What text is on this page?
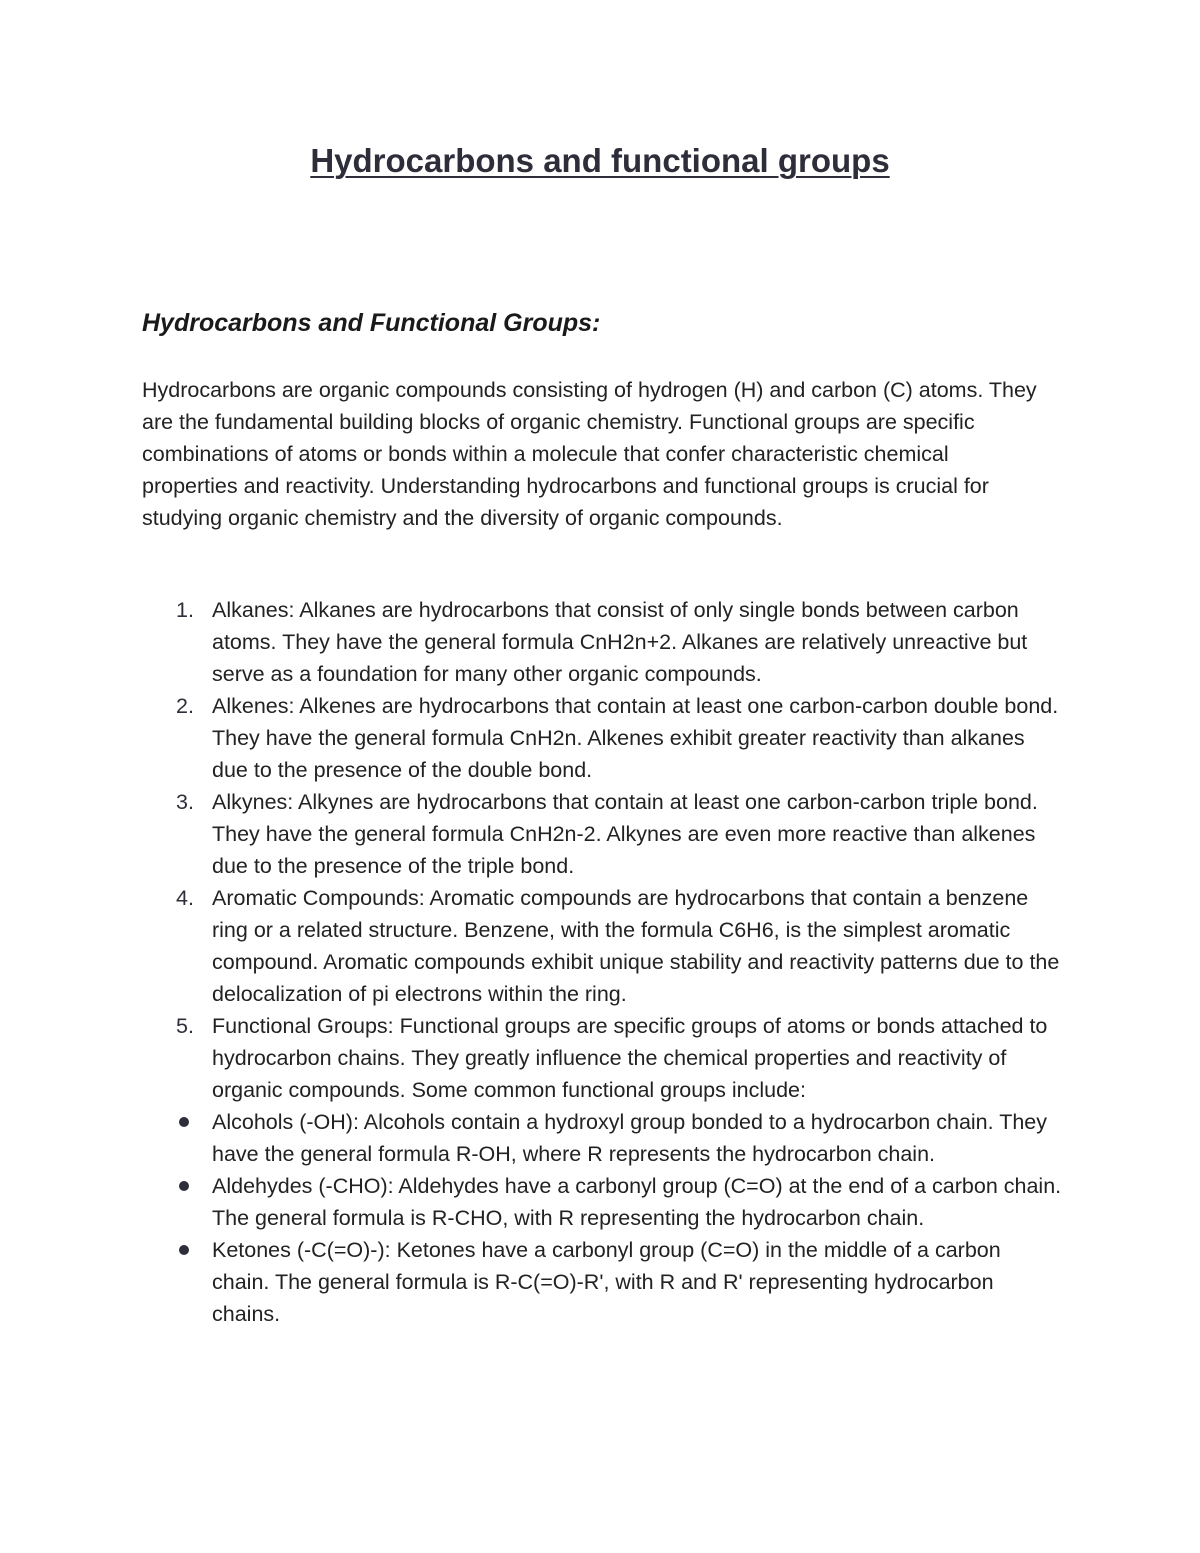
Hydrocarbons and functional groups
Hydrocarbons and Functional Groups:

Hydrocarbons are organic compounds consisting of hydrogen (H) and carbon (C) atoms. They are the fundamental building blocks of organic chemistry. Functional groups are specific combinations of atoms or bonds within a molecule that confer characteristic chemical properties and reactivity. Understanding hydrocarbons and functional groups is crucial for studying organic chemistry and the diversity of organic compounds.

1. Alkanes: Alkanes are hydrocarbons that consist of only single bonds between carbon atoms. They have the general formula CnH2n+2. Alkanes are relatively unreactive but serve as a foundation for many other organic compounds.
2. Alkenes: Alkenes are hydrocarbons that contain at least one carbon-carbon double bond. They have the general formula CnH2n. Alkenes exhibit greater reactivity than alkanes due to the presence of the double bond.
3. Alkynes: Alkynes are hydrocarbons that contain at least one carbon-carbon triple bond. They have the general formula CnH2n-2. Alkynes are even more reactive than alkenes due to the presence of the triple bond.
4. Aromatic Compounds: Aromatic compounds are hydrocarbons that contain a benzene ring or a related structure. Benzene, with the formula C6H6, is the simplest aromatic compound. Aromatic compounds exhibit unique stability and reactivity patterns due to the delocalization of pi electrons within the ring.
5. Functional Groups: Functional groups are specific groups of atoms or bonds attached to hydrocarbon chains. They greatly influence the chemical properties and reactivity of organic compounds. Some common functional groups include:
Alcohols (-OH): Alcohols contain a hydroxyl group bonded to a hydrocarbon chain. They have the general formula R-OH, where R represents the hydrocarbon chain.
Aldehydes (-CHO): Aldehydes have a carbonyl group (C=O) at the end of a carbon chain. The general formula is R-CHO, with R representing the hydrocarbon chain.
Ketones (-C(=O)-): Ketones have a carbonyl group (C=O) in the middle of a carbon chain. The general formula is R-C(=O)-R', with R and R' representing hydrocarbon chains.
